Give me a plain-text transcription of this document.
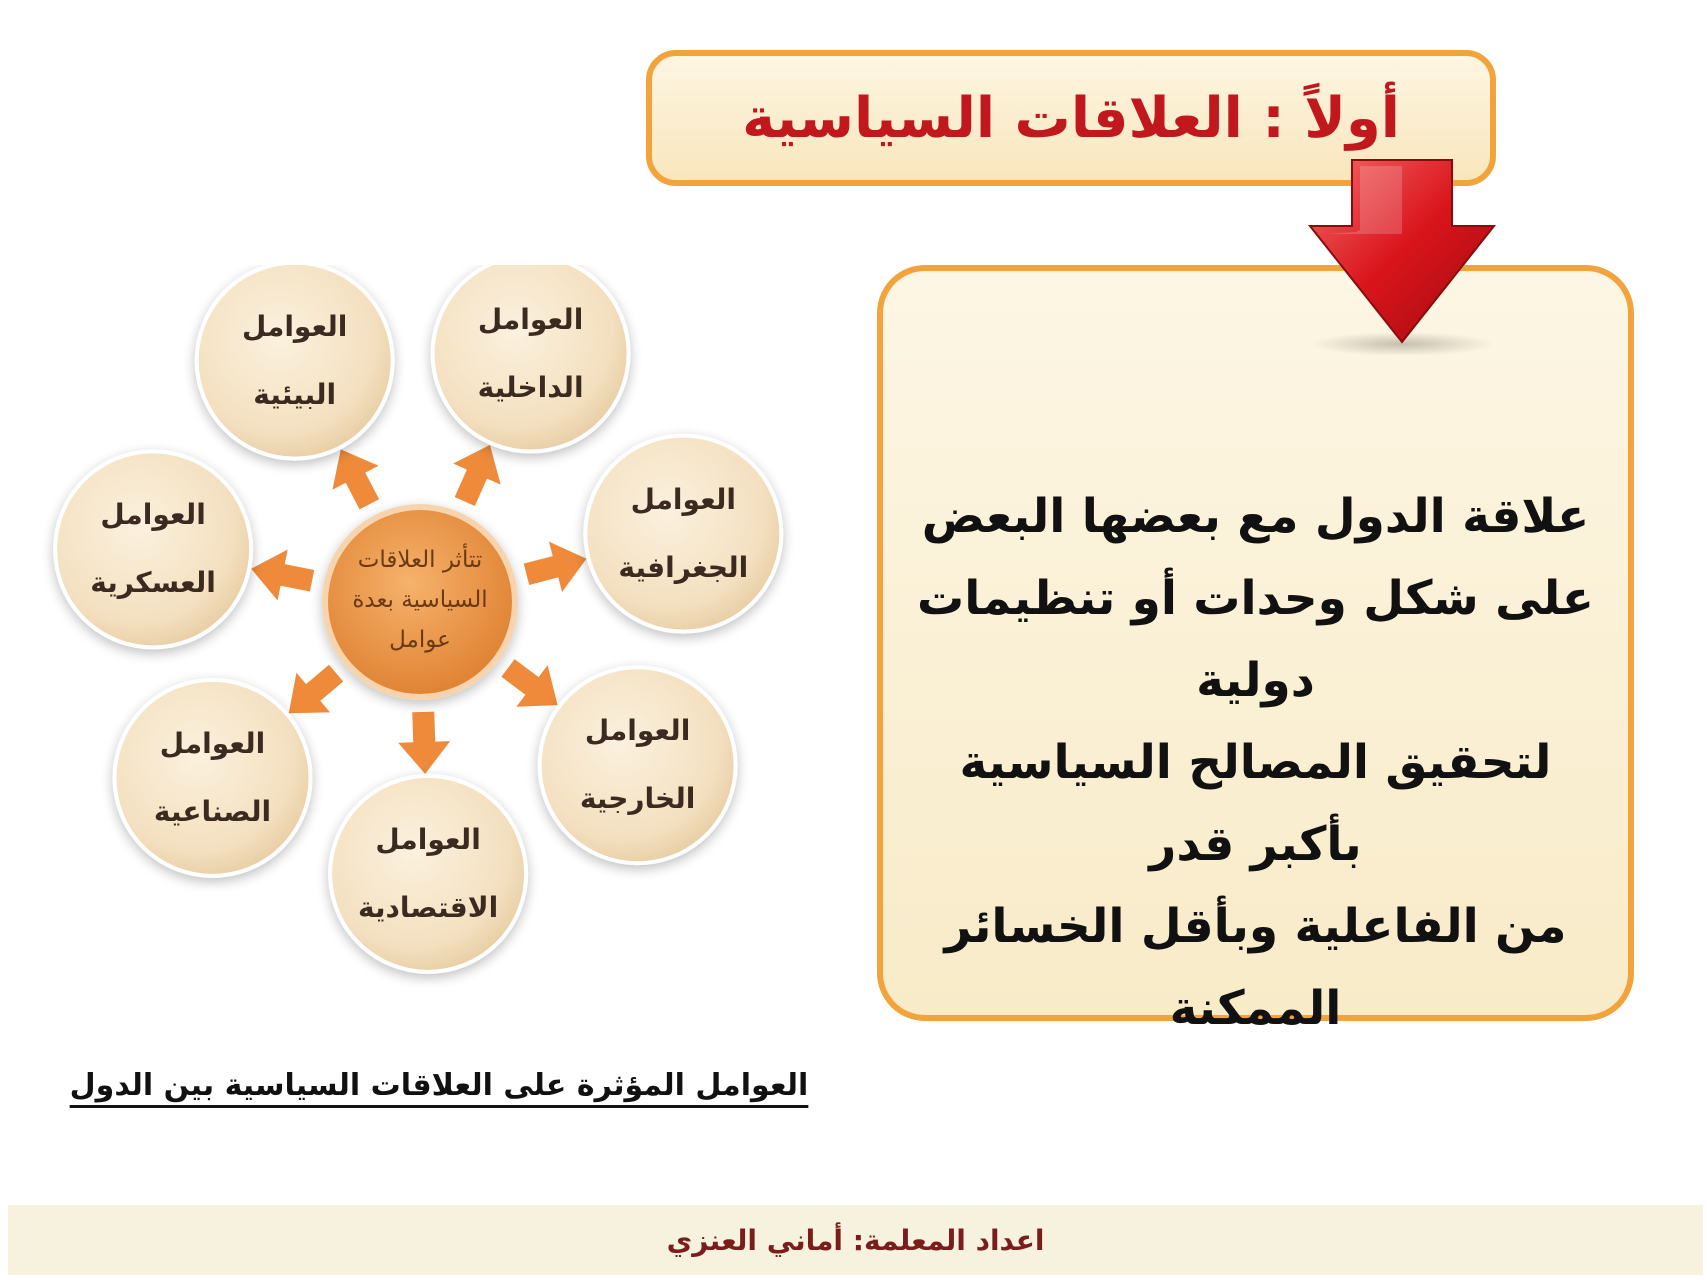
أولاً : العلاقات السياسية
علاقة الدول مع بعضها البعض
على شكل وحدات أو تنظيمات دولية
لتحقيق المصالح السياسية بأكبر قدر
من الفاعلية وبأقل الخسائر الممكنة
العوامل المؤثرة على العلاقات السياسية بين الدول
اعداد المعلمة: أماني العنزي
تتأثر العلاقات
السياسية بعدة
عوامل
العوامل
الداخلية
العوامل
الجغرافية
العوامل
الخارجية
العوامل
الاقتصادية
العوامل
الصناعية
العوامل
العسكرية
العوامل
البيئية
